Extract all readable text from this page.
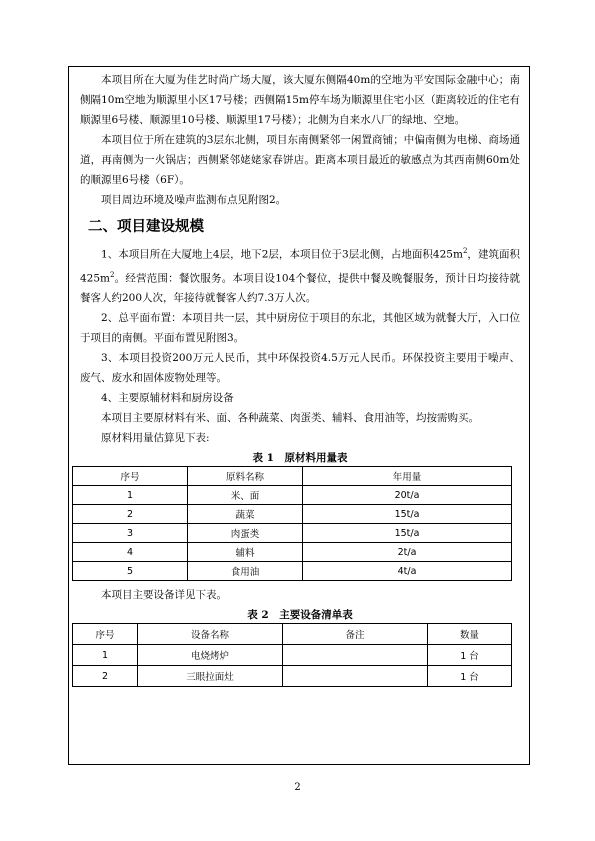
本项目所在大厦为佳艺时尚广场大厦，该大厦东侧隔40m的空地为平安国际金融中心；南侧隔10m空地为顺源里小区17号楼；西侧隔15m停车场为顺源里住宅小区（距离较近的住宅有顺源里6号楼、顺源里10号楼、顺源里17号楼）；北侧为自来水八厂的绿地、空地。

本项目位于所在建筑的3层东北侧，项目东南侧紧邻一闲置商铺；中偏南侧为电梯、商场通道，再南侧为一火锅店；西侧紧邻姥姥家春饼店。距离本项目最近的敏感点为其西南侧60m处的顺源里6号楼（6F）。

项目周边环境及噪声监测布点见附图2。

二、项目建设规模

1、本项目所在大厦地上4层，地下2层，本项目位于3层北侧，占地面积$425m^2$，建筑面积$425m^2$。经营范围：餐饮服务。本项目设104个餐位，提供中餐及晚餐服务，预计日均接待就餐客人约200人次，年接待就餐客人约7.3万人次。

2、总平面布置：本项目共一层，其中厨房位于项目的东北，其他区域为就餐大厅，入口位于项目的南侧。平面布置见附图3。

3、本项目投资200万元人民币，其中环保投资4.5万元人民币。环保投资主要用于噪声、废气、废水和固体废物处理等。

4、主要原辅材料和厨房设备

本项目主要原材料有米、面、各种蔬菜、肉蛋类、辅料、食用油等，均按需购买。

原材料用量估算见下表:

表 1　原材料用量表
序号	原料名称	年用量
1	米、面	20t/a
2	蔬菜	15t/a
3	肉蛋类	15t/a
4	辅料	2t/a
5	食用油	4t/a

本项目主要设备详见下表。

表 2　主要设备清单表
序号	设备名称	备注	数量
1	电烧烤炉		1 台
2	三眼拉面灶		1 台
2
